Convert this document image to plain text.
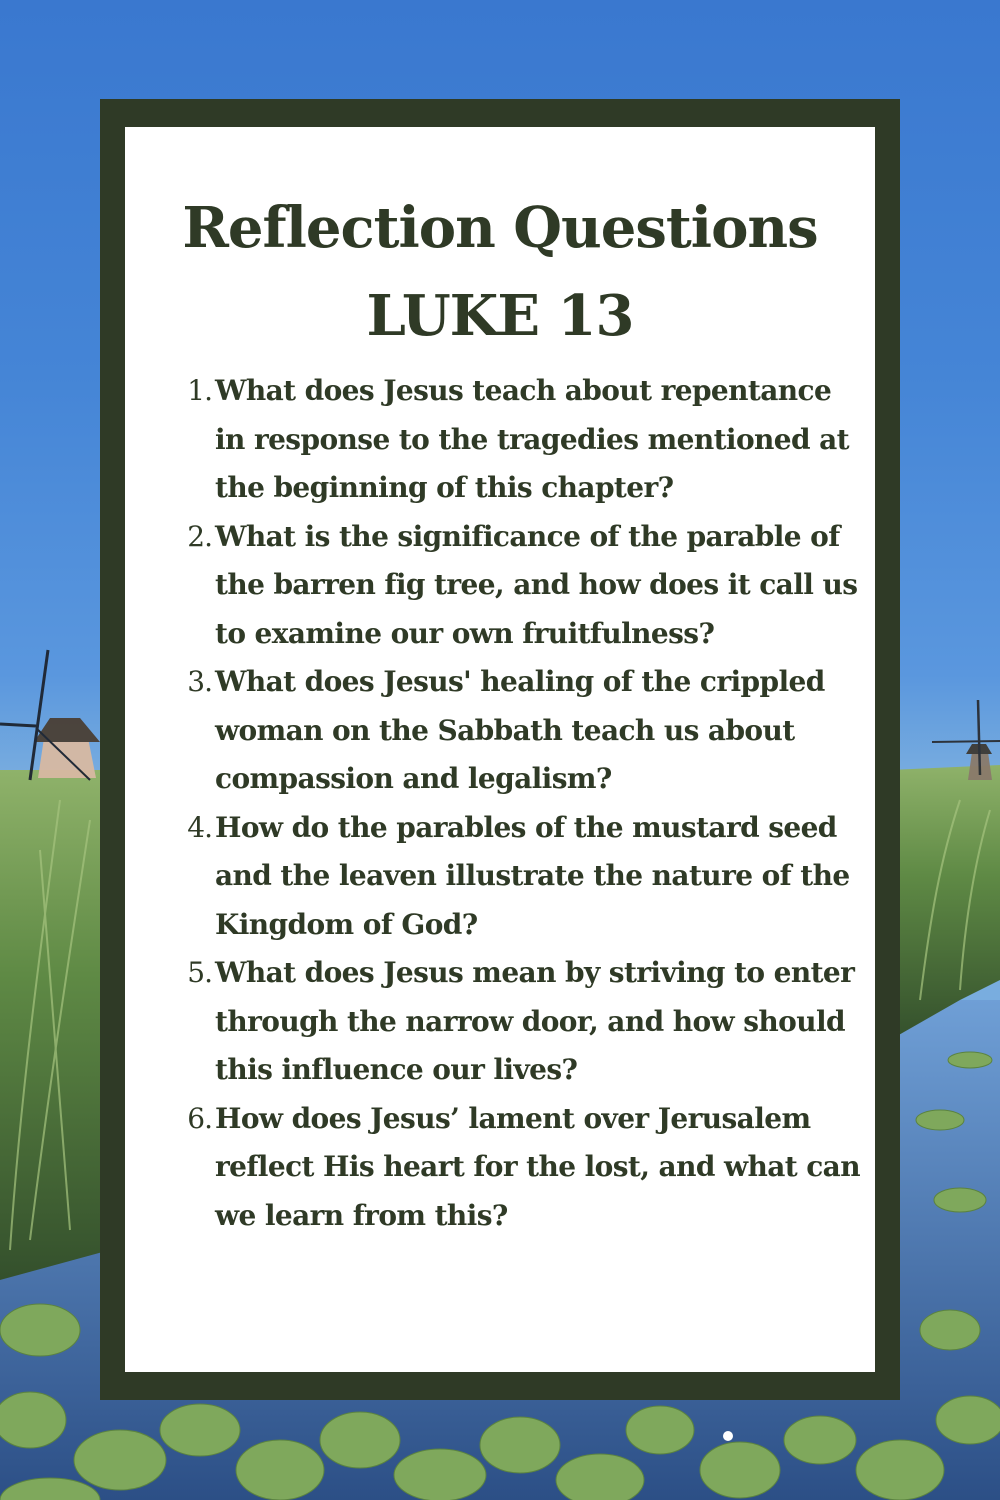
Reflection Questions
LUKE 13
1. What does Jesus teach about repentance in response to the tragedies mentioned at the beginning of this chapter?
2. What is the significance of the parable of the barren fig tree, and how does it call us to examine our own fruitfulness?
3. What does Jesus' healing of the crippled woman on the Sabbath teach us about compassion and legalism?
4. How do the parables of the mustard seed and the leaven illustrate the nature of the Kingdom of God?
5. What does Jesus mean by striving to enter through the narrow door, and how should this influence our lives?
6. How does Jesus’ lament over Jerusalem reflect His heart for the lost, and what can we learn from this?
